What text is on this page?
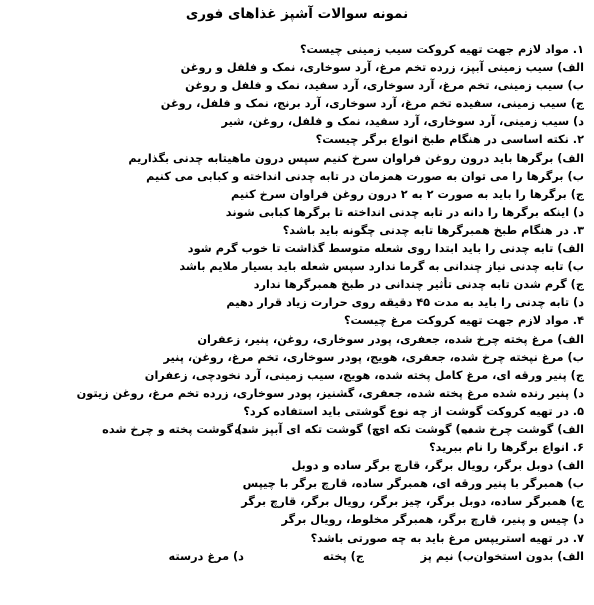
نمونه سوالات آشپز غذاهای فوری
۱. مواد لازم جهت تهیه کروکت سیب زمینی چیست؟
الف) سیب زمینی آبپز، زرده تخم مرغ، آرد سوخاری، نمک و فلفل و روغن
ب) سیب زمینی، تخم مرغ، آرد سوخاری، آرد سفید، نمک و فلفل و روغن
ج) سیب زمینی، سفیده تخم مرغ، آرد سوخاری، آرد برنج، نمک و فلفل، روغن
د) سیب زمینی، آرد سوخاری، آرد سفید، نمک و فلفل، روغن، شیر
۲. نکته اساسی در هنگام طبخ انواع برگر چیست؟
الف) برگرها باید درون روغن فراوان سرخ کنیم سپس درون ماهیتابه چدنی بگذاریم
ب) برگرها را می توان به صورت همزمان در تابه چدنی انداخته و کبابی می کنیم
ج) برگرها را باید به صورت ۲ به ۲ درون روغن فراوان سرخ کنیم
د) اینکه برگرها را دانه در تابه چدنی انداخته تا برگرها کبابی شوند
۳. در هنگام طبخ همبرگرها تابه چدنی چگونه باید باشد؟
الف) تابه چدنی را باید ابتدا روی شعله متوسط گذاشت تا خوب گرم شود
ب) تابه چدنی نیاز چندانی به گرما ندارد سپس شعله باید بسیار ملایم باشد
ج) گرم شدن تابه چدنی تأثیر چندانی در طبخ همبرگرها ندارد
د) تابه چدنی را باید به مدت ۴۵ دقیقه روی حرارت زیاد قرار دهیم
۴. مواد لازم جهت تهیه کروکت مرغ چیست؟
الف) مرغ پخته چرخ شده، جعفری، پودر سوخاری، روغن، پنیر، زعفران
ب) مرغ نپخته چرخ شده، جعفری، هویج، پودر سوخاری، تخم مرغ، روغن، پنیر
ج) پنیر ورقه ای، مرغ کامل پخته شده، هویج، سیب زمینی، آرد نخودچی، زعفران
د) پنیر رنده شده مرغ پخته شده، جعفری، گشنیز، پودر سوخاری، زرده تخم مرغ، روغن زیتون
۵. در تهیه کروکت گوشت از چه نوع گوشتی باید استفاده کرد؟
الف) گوشت چرخ شده
ب) گوشت تکه ای
ج) گوشت تکه ای آبپز شده
د) گوشت پخته و چرخ شده
۶. انواع برگرها را نام ببرید؟
الف) دوبل برگر، رویال برگر، قارچ برگر ساده و دوبل
ب) همبرگر با پنیر ورقه ای، همبرگر ساده، قارچ برگر با چیپس
ج) همبرگر ساده، دوبل برگر، چیز برگر، رویال برگر، قارچ برگر
د) چیس و پنیر، قارچ برگر، همبرگر مخلوط، رویال برگر
۷. در تهیه استریپس مرغ باید به چه صورتی باشد؟
الف) بدون استخوان
ب) نیم پز
ج) پخته
د) مرغ درسته
